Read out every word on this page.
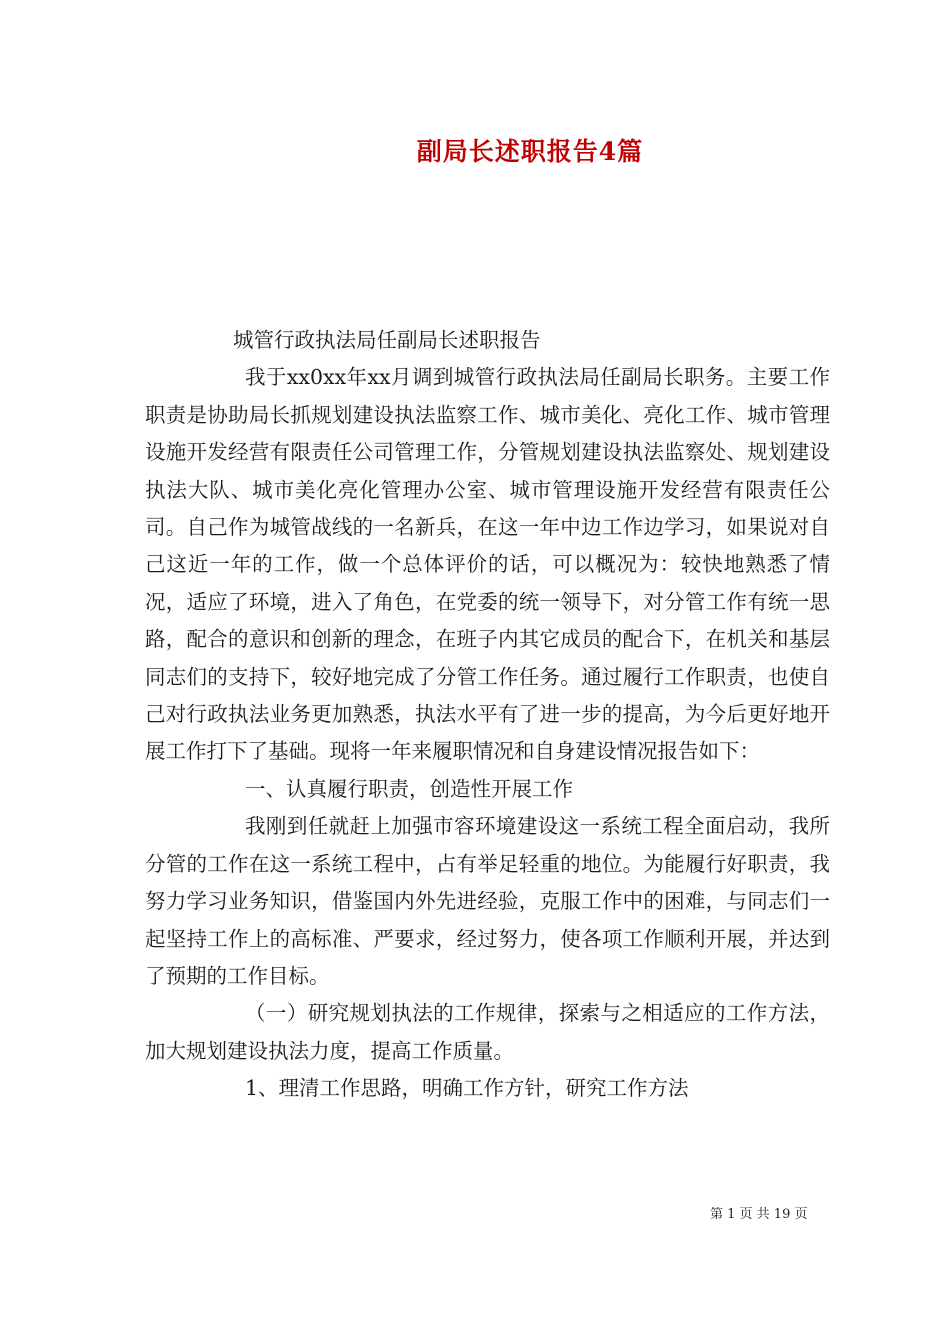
副局长述职报告4篇

城管行政执法局任副局长述职报告

我于xx0xx年xx月调到城管行政执法局任副局长职务。主要工作职责是协助局长抓规划建设执法监察工作、城市美化、亮化工作、城市管理设施开发经营有限责任公司管理工作，分管规划建设执法监察处、规划建设执法大队、城市美化亮化管理办公室、城市管理设施开发经营有限责任公司。自己作为城管战线的一名新兵，在这一年中边工作边学习，如果说对自己这近一年的工作，做一个总体评价的话，可以概况为：较快地熟悉了情况，适应了环境，进入了角色，在党委的统一领导下，对分管工作有统一思路，配合的意识和创新的理念，在班子内其它成员的配合下，在机关和基层同志们的支持下，较好地完成了分管工作任务。通过履行工作职责，也使自己对行政执法业务更加熟悉，执法水平有了进一步的提高，为今后更好地开展工作打下了基础。现将一年来履职情况和自身建设情况报告如下：

一、认真履行职责，创造性开展工作

我刚到任就赶上加强市容环境建设这一系统工程全面启动，我所分管的工作在这一系统工程中，占有举足轻重的地位。为能履行好职责，我努力学习业务知识，借鉴国内外先进经验，克服工作中的困难，与同志们一起坚持工作上的高标准、严要求，经过努力，使各项工作顺利开展，并达到了预期的工作目标。

（一）研究规划执法的工作规律，探索与之相适应的工作方法，加大规划建设执法力度，提高工作质量。

1、理清工作思路，明确工作方针，研究工作方法

第 1 页 共 19 页
